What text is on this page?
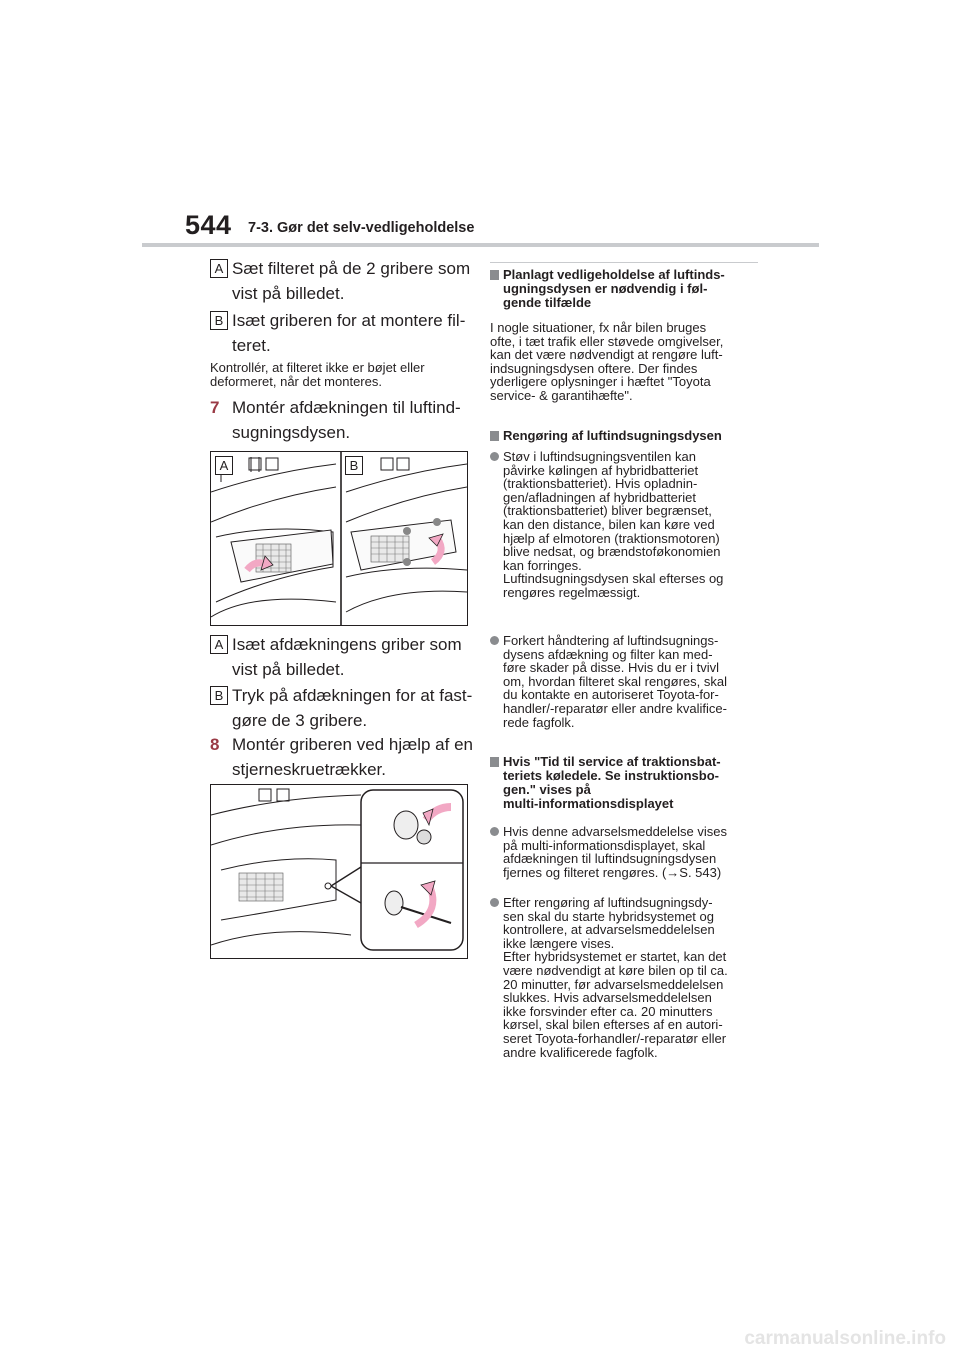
544 7-3. Gør det selv-vedligeholdelse
A Sæt filteret på de 2 gribere som
vist på billedet.
B Isæt griberen for at montere fil-
teret.
Kontrollér, at filteret ikke er bøjet eller
deformeret, når det monteres.
7 Montér afdækningen til luftind-
sugningsdysen.
A	B
A Isæt afdækningens griber som
vist på billedet.
B Tryk på afdækningen for at fast-
gøre de 3 gribere.
8 Montér griberen ved hjælp af en
stjerneskruetrækker.
Planlagt vedligeholdelse af luftinds-
ugningsdysen er nødvendig i føl-
gende tilfælde
I nogle situationer, fx når bilen bruges
ofte, i tæt trafik eller støvede omgivelser,
kan det være nødvendigt at rengøre luft-
indsugningsdysen oftere. Der findes
yderligere oplysninger i hæftet "Toyota
service- & garantihæfte".
Rengøring af luftindsugningsdysen
Støv i luftindsugningsventilen kan
påvirke kølingen af hybridbatteriet
(traktionsbatteriet). Hvis opladnin-
gen/afladningen af hybridbatteriet
(traktionsbatteriet) bliver begrænset,
kan den distance, bilen kan køre ved
hjælp af elmotoren (traktionsmotoren)
blive nedsat, og brændstoføkonomien
kan forringes.
Luftindsugningsdysen skal efterses og
rengøres regelmæssigt.
Forkert håndtering af luftindsugnings-
dysens afdækning og filter kan med-
føre skader på disse. Hvis du er i tvivl
om, hvordan filteret skal rengøres, skal
du kontakte en autoriseret Toyota-for-
handler/-reparatør eller andre kvalifice-
rede fagfolk.
Hvis "Tid til service af traktionsbat-
teriets køledele. Se instruktionsbo-
gen." vises på
multi-informationsdisplayet
Hvis denne advarselsmeddelelse vises
på multi-informationsdisplayet, skal
afdækningen til luftindsugningsdysen
fjernes og filteret rengøres. (→S. 543)
Efter rengøring af luftindsugningsdy-
sen skal du starte hybridsystemet og
kontrollere, at advarselsmeddelelsen
ikke længere vises.
Efter hybridsystemet er startet, kan det
være nødvendigt at køre bilen op til ca.
20 minutter, før advarselsmeddelelsen
slukkes. Hvis advarselsmeddelelsen
ikke forsvinder efter ca. 20 minutters
kørsel, skal bilen efterses af en autori-
seret Toyota-forhandler/-reparatør eller
andre kvalificerede fagfolk.
carmanualsonline.info
